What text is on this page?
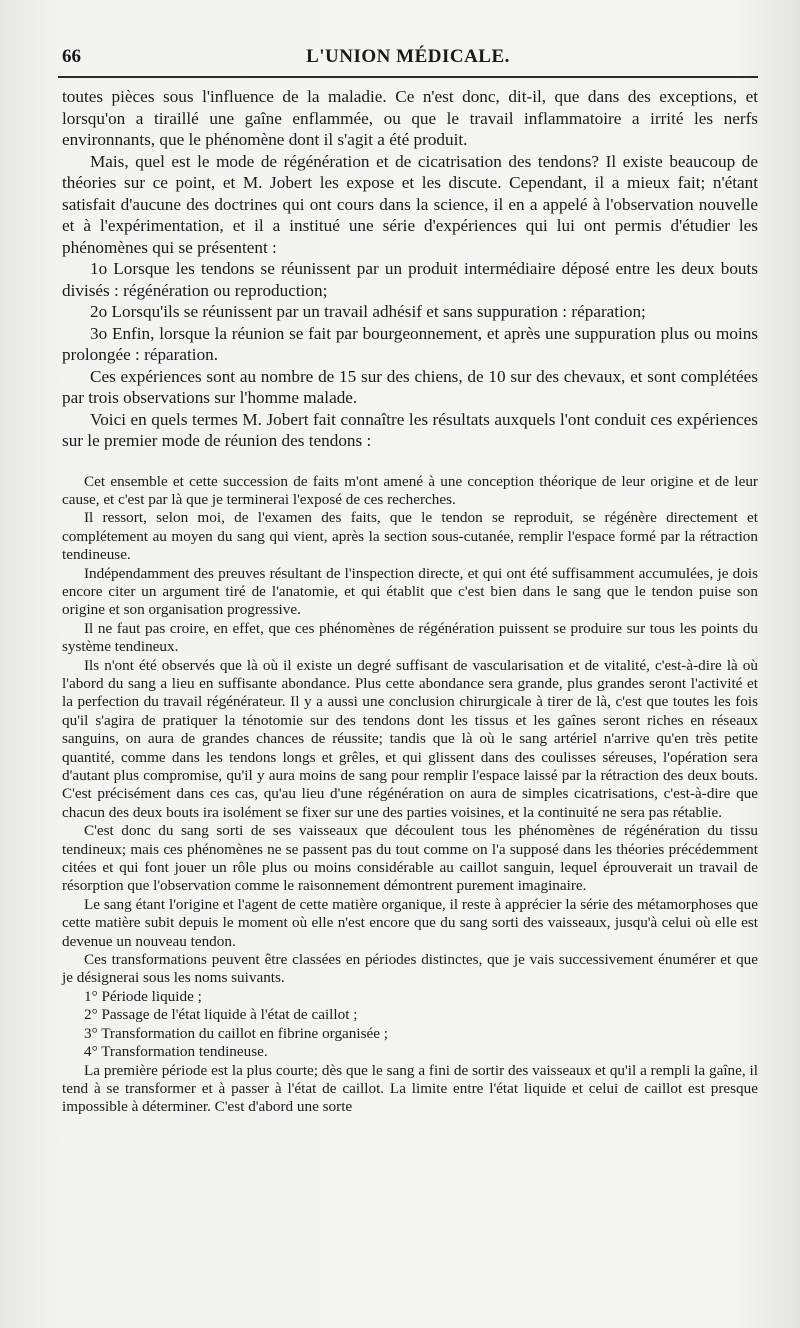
66	L'UNION MÉDICALE.

toutes pièces sous l'influence de la maladie. Ce n'est donc, dit-il, que dans des exceptions, et lorsqu'on a tiraillé une gaîne enflammée, ou que le travail inflammatoire a irrité les nerfs environnants, que le phénomène dont il s'agit a été produit.

Mais, quel est le mode de régénération et de cicatrisation des tendons? Il existe beaucoup de théories sur ce point, et M. Jobert les expose et les discute. Cependant, il a mieux fait; n'étant satisfait d'aucune des doctrines qui ont cours dans la science, il en a appelé à l'observation nouvelle et à l'expérimentation, et il a institué une série d'expériences qui lui ont permis d'étudier les phénomènes qui se présentent :

1o Lorsque les tendons se réunissent par un produit intermédiaire déposé entre les deux bouts divisés : régénération ou reproduction;

2o Lorsqu'ils se réunissent par un travail adhésif et sans suppuration : réparation;

3o Enfin, lorsque la réunion se fait par bourgeonnement, et après une suppuration plus ou moins prolongée : réparation.

Ces expériences sont au nombre de 15 sur des chiens, de 10 sur des chevaux, et sont complétées par trois observations sur l'homme malade.

Voici en quels termes M. Jobert fait connaître les résultats auxquels l'ont conduit ces expériences sur le premier mode de réunion des tendons :

Cet ensemble et cette succession de faits m'ont amené à une conception théorique de leur origine et de leur cause, et c'est par là que je terminerai l'exposé de ces recherches.

Il ressort, selon moi, de l'examen des faits, que le tendon se reproduit, se régénère directement et complétement au moyen du sang qui vient, après la section sous-cutanée, remplir l'espace formé par la rétraction tendineuse.

Indépendamment des preuves résultant de l'inspection directe, et qui ont été suffisamment accumulées, je dois encore citer un argument tiré de l'anatomie, et qui établit que c'est bien dans le sang que le tendon puise son origine et son organisation progressive.

Il ne faut pas croire, en effet, que ces phénomènes de régénération puissent se produire sur tous les points du système tendineux.

Ils n'ont été observés que là où il existe un degré suffisant de vascularisation et de vitalité, c'est-à-dire là où l'abord du sang a lieu en suffisante abondance. Plus cette abondance sera grande, plus grandes seront l'activité et la perfection du travail régénérateur. Il y a aussi une conclusion chirurgicale à tirer de là, c'est que toutes les fois qu'il s'agira de pratiquer la ténotomie sur des tendons dont les tissus et les gaînes seront riches en réseaux sanguins, on aura de grandes chances de réussite; tandis que là où le sang artériel n'arrive qu'en très petite quantité, comme dans les tendons longs et grêles, et qui glissent dans des coulisses séreuses, l'opération sera d'autant plus compromise, qu'il y aura moins de sang pour remplir l'espace laissé par la rétraction des deux bouts. C'est précisément dans ces cas, qu'au lieu d'une régénération on aura de simples cicatrisations, c'est-à-dire que chacun des deux bouts ira isolément se fixer sur une des parties voisines, et la continuité ne sera pas rétablie.

C'est donc du sang sorti de ses vaisseaux que découlent tous les phénomènes de régénération du tissu tendineux; mais ces phénomènes ne se passent pas du tout comme on l'a supposé dans les théories précédemment citées et qui font jouer un rôle plus ou moins considérable au caillot sanguin, lequel éprouverait un travail de résorption que l'observation comme le raisonnement démontrent purement imaginaire.

Le sang étant l'origine et l'agent de cette matière organique, il reste à apprécier la série des métamorphoses que cette matière subit depuis le moment où elle n'est encore que du sang sorti des vaisseaux, jusqu'à celui où elle est devenue un nouveau tendon.

Ces transformations peuvent être classées en périodes distinctes, que je vais successivement énumérer et que je désignerai sous les noms suivants.

1° Période liquide ;

2° Passage de l'état liquide à l'état de caillot ;

3° Transformation du caillot en fibrine organisée ;

4° Transformation tendineuse.

La première période est la plus courte; dès que le sang a fini de sortir des vaisseaux et qu'il a rempli la gaîne, il tend à se transformer et à passer à l'état de caillot. La limite entre l'état liquide et celui de caillot est presque impossible à déterminer. C'est d'abord une sorte
